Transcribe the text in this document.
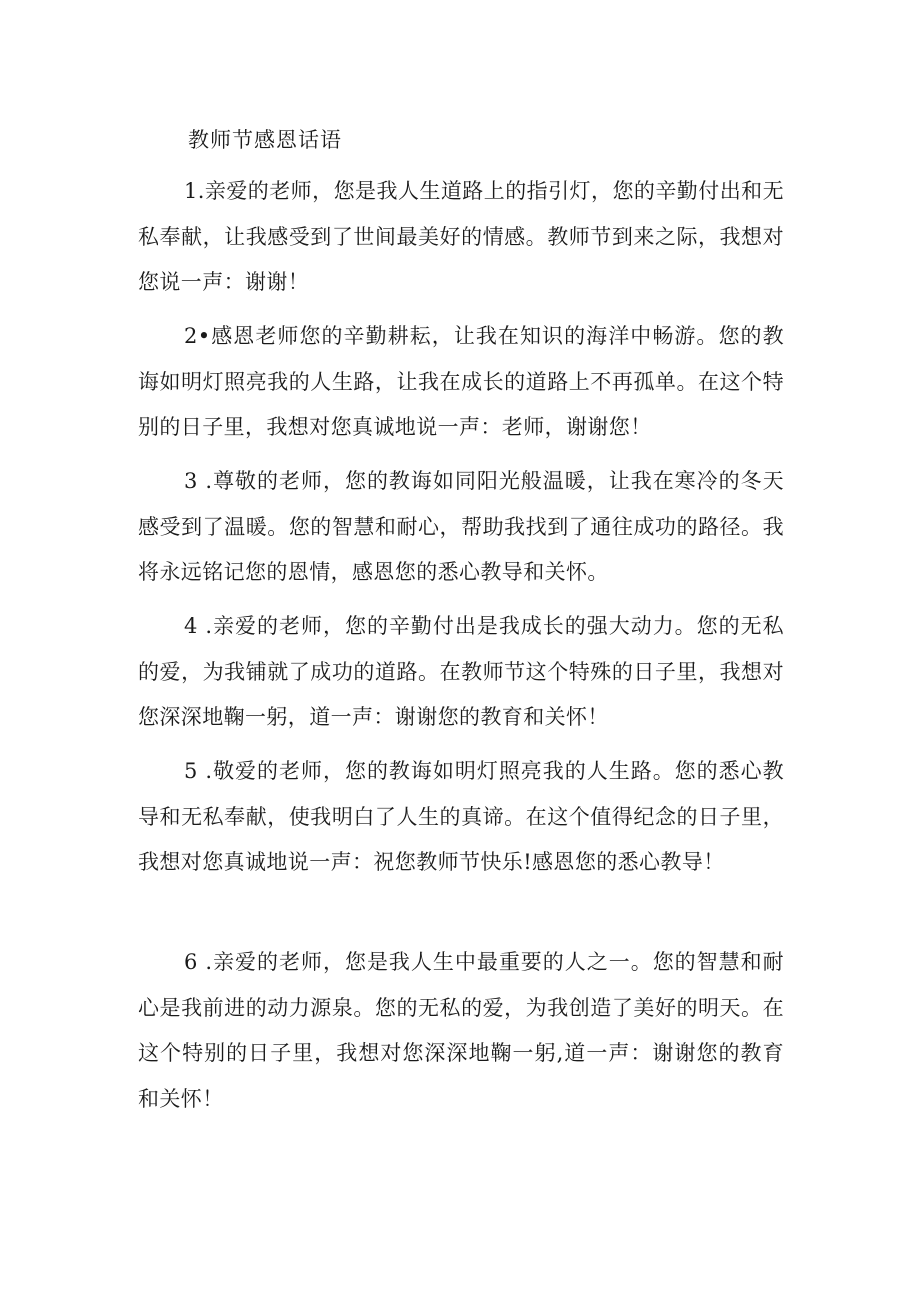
教师节感恩话语

1.亲爱的老师，您是我人生道路上的指引灯，您的辛勤付出和无私奉献，让我感受到了世间最美好的情感。教师节到来之际，我想对您说一声：谢谢！

2•感恩老师您的辛勤耕耘，让我在知识的海洋中畅游。您的教诲如明灯照亮我的人生路，让我在成长的道路上不再孤单。在这个特别的日子里，我想对您真诚地说一声：老师，谢谢您！

3 .尊敬的老师，您的教诲如同阳光般温暖，让我在寒冷的冬天感受到了温暖。您的智慧和耐心，帮助我找到了通往成功的路径。我将永远铭记您的恩情，感恩您的悉心教导和关怀。

4 .亲爱的老师，您的辛勤付出是我成长的强大动力。您的无私的爱，为我铺就了成功的道路。在教师节这个特殊的日子里，我想对您深深地鞠一躬，道一声：谢谢您的教育和关怀！

5 .敬爱的老师，您的教诲如明灯照亮我的人生路。您的悉心教导和无私奉献，使我明白了人生的真谛。在这个值得纪念的日子里，我想对您真诚地说一声：祝您教师节快乐!感恩您的悉心教导！

6 .亲爱的老师，您是我人生中最重要的人之一。您的智慧和耐心是我前进的动力源泉。您的无私的爱，为我创造了美好的明天。在这个特别的日子里，我想对您深深地鞠一躬,道一声：谢谢您的教育和关怀！
